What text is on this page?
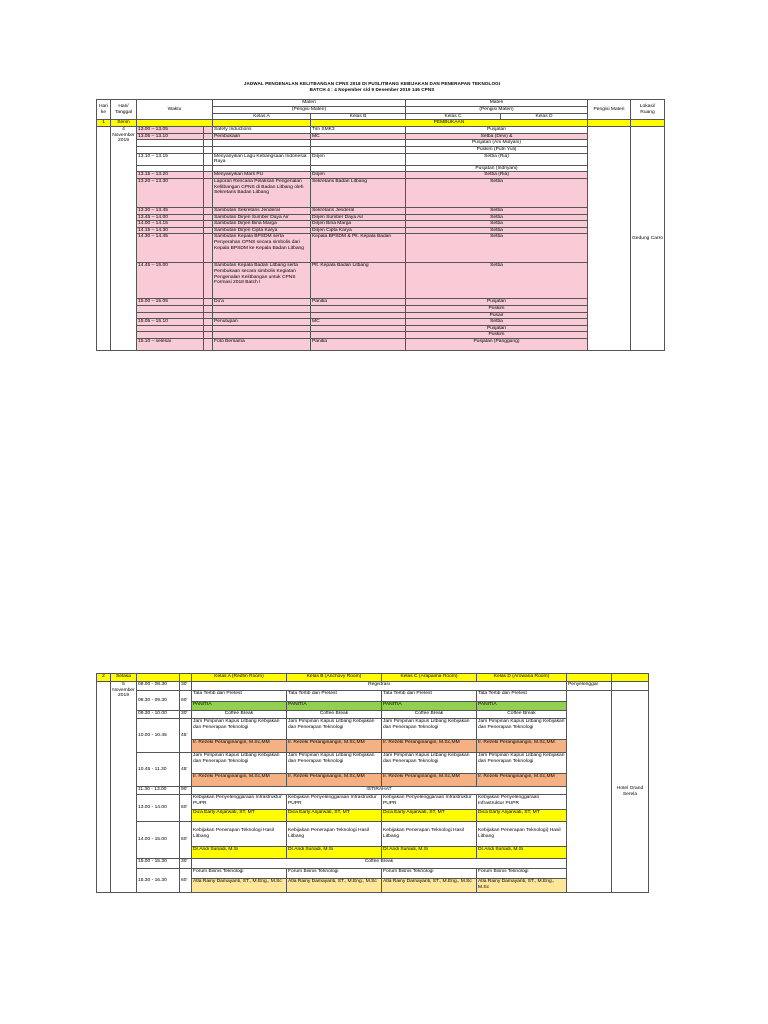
JADWAL PENGENALAN KELITBANGAN CPNS 2018 DI PUSLITBANG KEBIJAKAN DAN PENERAPAN TEKNOLOGI
BATCH 4 : 4 Nopember s/d 9 Desember 2019 146 CPNS
Hari ke	Hari/ Tanggal	Waktu		Materi		Materi		Pengisi Materi	Lokasi/ Ruang
				(Pengisi Materi)		(Pengisi Materi)			
				Kelas A	Kelas B	Kelas C	Kelas D		
1	Senin				PEMBUKAAN				
	4 November 2019	13.00 – 13.05		Safety Inductions	Tim SMK3	Pusjatan			Gedung Carro
		13.05 – 13.10		Pembukaan	MC	Setba (Devi) &			
						Pusjatan (Ani Mulyani)			
						Puskim (Putri Yuli)			
		13.10 – 13.15		Menyanyikan Lagu Kebangsaan Indonesia Raya	Dirjen	Setba (Ria)			
						Pusjatan (Indriyani)			
		13.15 – 13.20		Menyanyikan Mars PU	Dirjen	Setba (Ria)			
		13.20 – 13.30		Laporan Rencana Pelaksan Pengenalan Kelitbangan CPNS di Badan Litbang oleh Sekretaris Badan Litbang	Sekretaris Badan Litbang	Setba			
		13.30 – 13.45		Sambutan Sekretaris Jenderal	Sekretaris Jenderal	Setba			
		13.45 – 14.00		Sambutan Dirjen Sumber Daya Air	Dirjen Sumber Daya Air	Setba			
		14.00 – 14.15		Sambutan Dirjen Bina Marga	Dirjen Bina Marga	Setba			
		14.15 – 14.30		Sambutan Dirjen Cipta Karya	Dirjen Cipta Karya	Setba			
		14.30 – 14.45		Sambutan Kepala BPSDM serta Penyerahan CPNS secara simbolis dari Kepala BPSDM ke Kepala Badan Litbang	Kepala BPSDM & Plt. Kepala Badan	Setba			
		14.45 – 15.00		Sambutan Kepala Badan Litbang serta Pembukaan secara simbolis Kegiatan Pengenalan Kelitbangan untuk CPNS Formasi 2018 Batch I	Plt. Kepala Badan Litbang	Setba			
		15.00 – 15.05		Do'a	Panitia	Pusjatan			
						Puskim			
						Pusair			
		15.05 – 15.10		Penutupan	MC	Setba			
						Pusjatan			
						Puskim			
		15.10 – selesai		Foto Bersama	Panitia	Pusjatan (Panggung)			
2	Selasa			Kelas A (Redfin Room)	Kelas B (Anchovy Room)	Kelas C (Arapaima Room)	Kelas D (Arowana Room)		
	5 November 2019	08.00 - 08.30	30'	Registrasi				Penyelenggar	
		08.30 - 09.30	60'	Tata Tertib dan Pretest	Tata Tertib dan Pretest	Tata Tertib dan Pretest	Tata Tertib dan Pretest		Hotel Grand Serela
				PANITIA	PANITIA	PANITIA	PANITIA		
		09.30 - 10.00	30'	Coffee Break	Coffee Break	Coffee Break	Coffee Break		
		10.00 - 10.45	45'	Jam Pimpinan Kapus Litbang Kebijakan dan Penerapan Teknologi	Jam Pimpinan Kapus Litbang Kebijakan dan Penerapan Teknologi	Jam Pimpinan Kapus Litbang Kebijakan dan Penerapan Teknologi	Jam Pimpinan Kapus Litbang Kebijakan dan Penerapan Teknologi		
				Ir. Rezeki Peranginangin, M.Sc,MM	Ir. Rezeki Peranginangin, M.Sc,MM	Ir. Rezeki Peranginangin, M.Sc,MM	Ir. Rezeki Peranginangin, M.Sc,MM		
		10.45 - 11.30	45'	Jam Pimpinan Kapus Litbang Kebijakan dan Penerapan Teknologi	Jam Pimpinan Kapus Litbang Kebijakan dan Penerapan Teknologi	Jam Pimpinan Kapus Litbang Kebijakan dan Penerapan Teknologi	Jam Pimpinan Kapus Litbang Kebijakan dan Penerapan Teknologi		
				Ir. Rezeki Peranginangin, M.Sc,MM	Ir. Rezeki Peranginangin, M.Sc,MM	Ir. Rezeki Peranginangin, M.Sc,MM	Ir. Rezeki Peranginangin, M.Sc,MM		
		11.30 - 13.00	90'	ISTIRAHAT					
		13.00 - 14.00	60'	Kebijakan Penyelenggaraan Infrastruktur PUPR	Kebijakan Penyelenggaraan Infrastruktur PUPR	Kebijakan Penyelenggaraan Infrastruktur PUPR	Kebijakan Penyelenggaraan Infrastruktur PUPR		
				Dica Early Anjarwati, ST, MT	Dica Early Anjarwati, ST, MT	Dica Early Anjarwati, ST, MT	Dica Early Anjarwati, ST, MT		
		14.00 - 15.00	60'	Kebijakan Penerapan Teknologi Hasil Litbang	Kebijakan Penerapan Teknologi Hasil Litbang	Kebijakan Penerapan Teknologi Hasil Litbang	Kebijakan Penerapan Teknologi) Hasil Litbang		
				Dr.Andi Suriadi, M.Si	Dr.Andi Suriadi, M.Si	Dr.Andi Suriadi, M.Si	Dr.Andi Suriadi, M.Si		
		15.00 - 15.30	30'	Coffee Break					
		15.30 - 16.30	60'	Forum Bisnis Teknologi	Forum Bisnis Teknologi	Forum Bisnis Teknologi	Forum Bisnis Teknologi		
				Atla Rainy Damayanti, ST., M.Eng., M.Sc	Atla Rainy Damayanti, ST., M.Eng., M.Sc	Atla Rainy Damayanti, ST., M.Eng., M.Sc	Atla Rainy Damayanti, ST., M.Eng., M.Sc		
